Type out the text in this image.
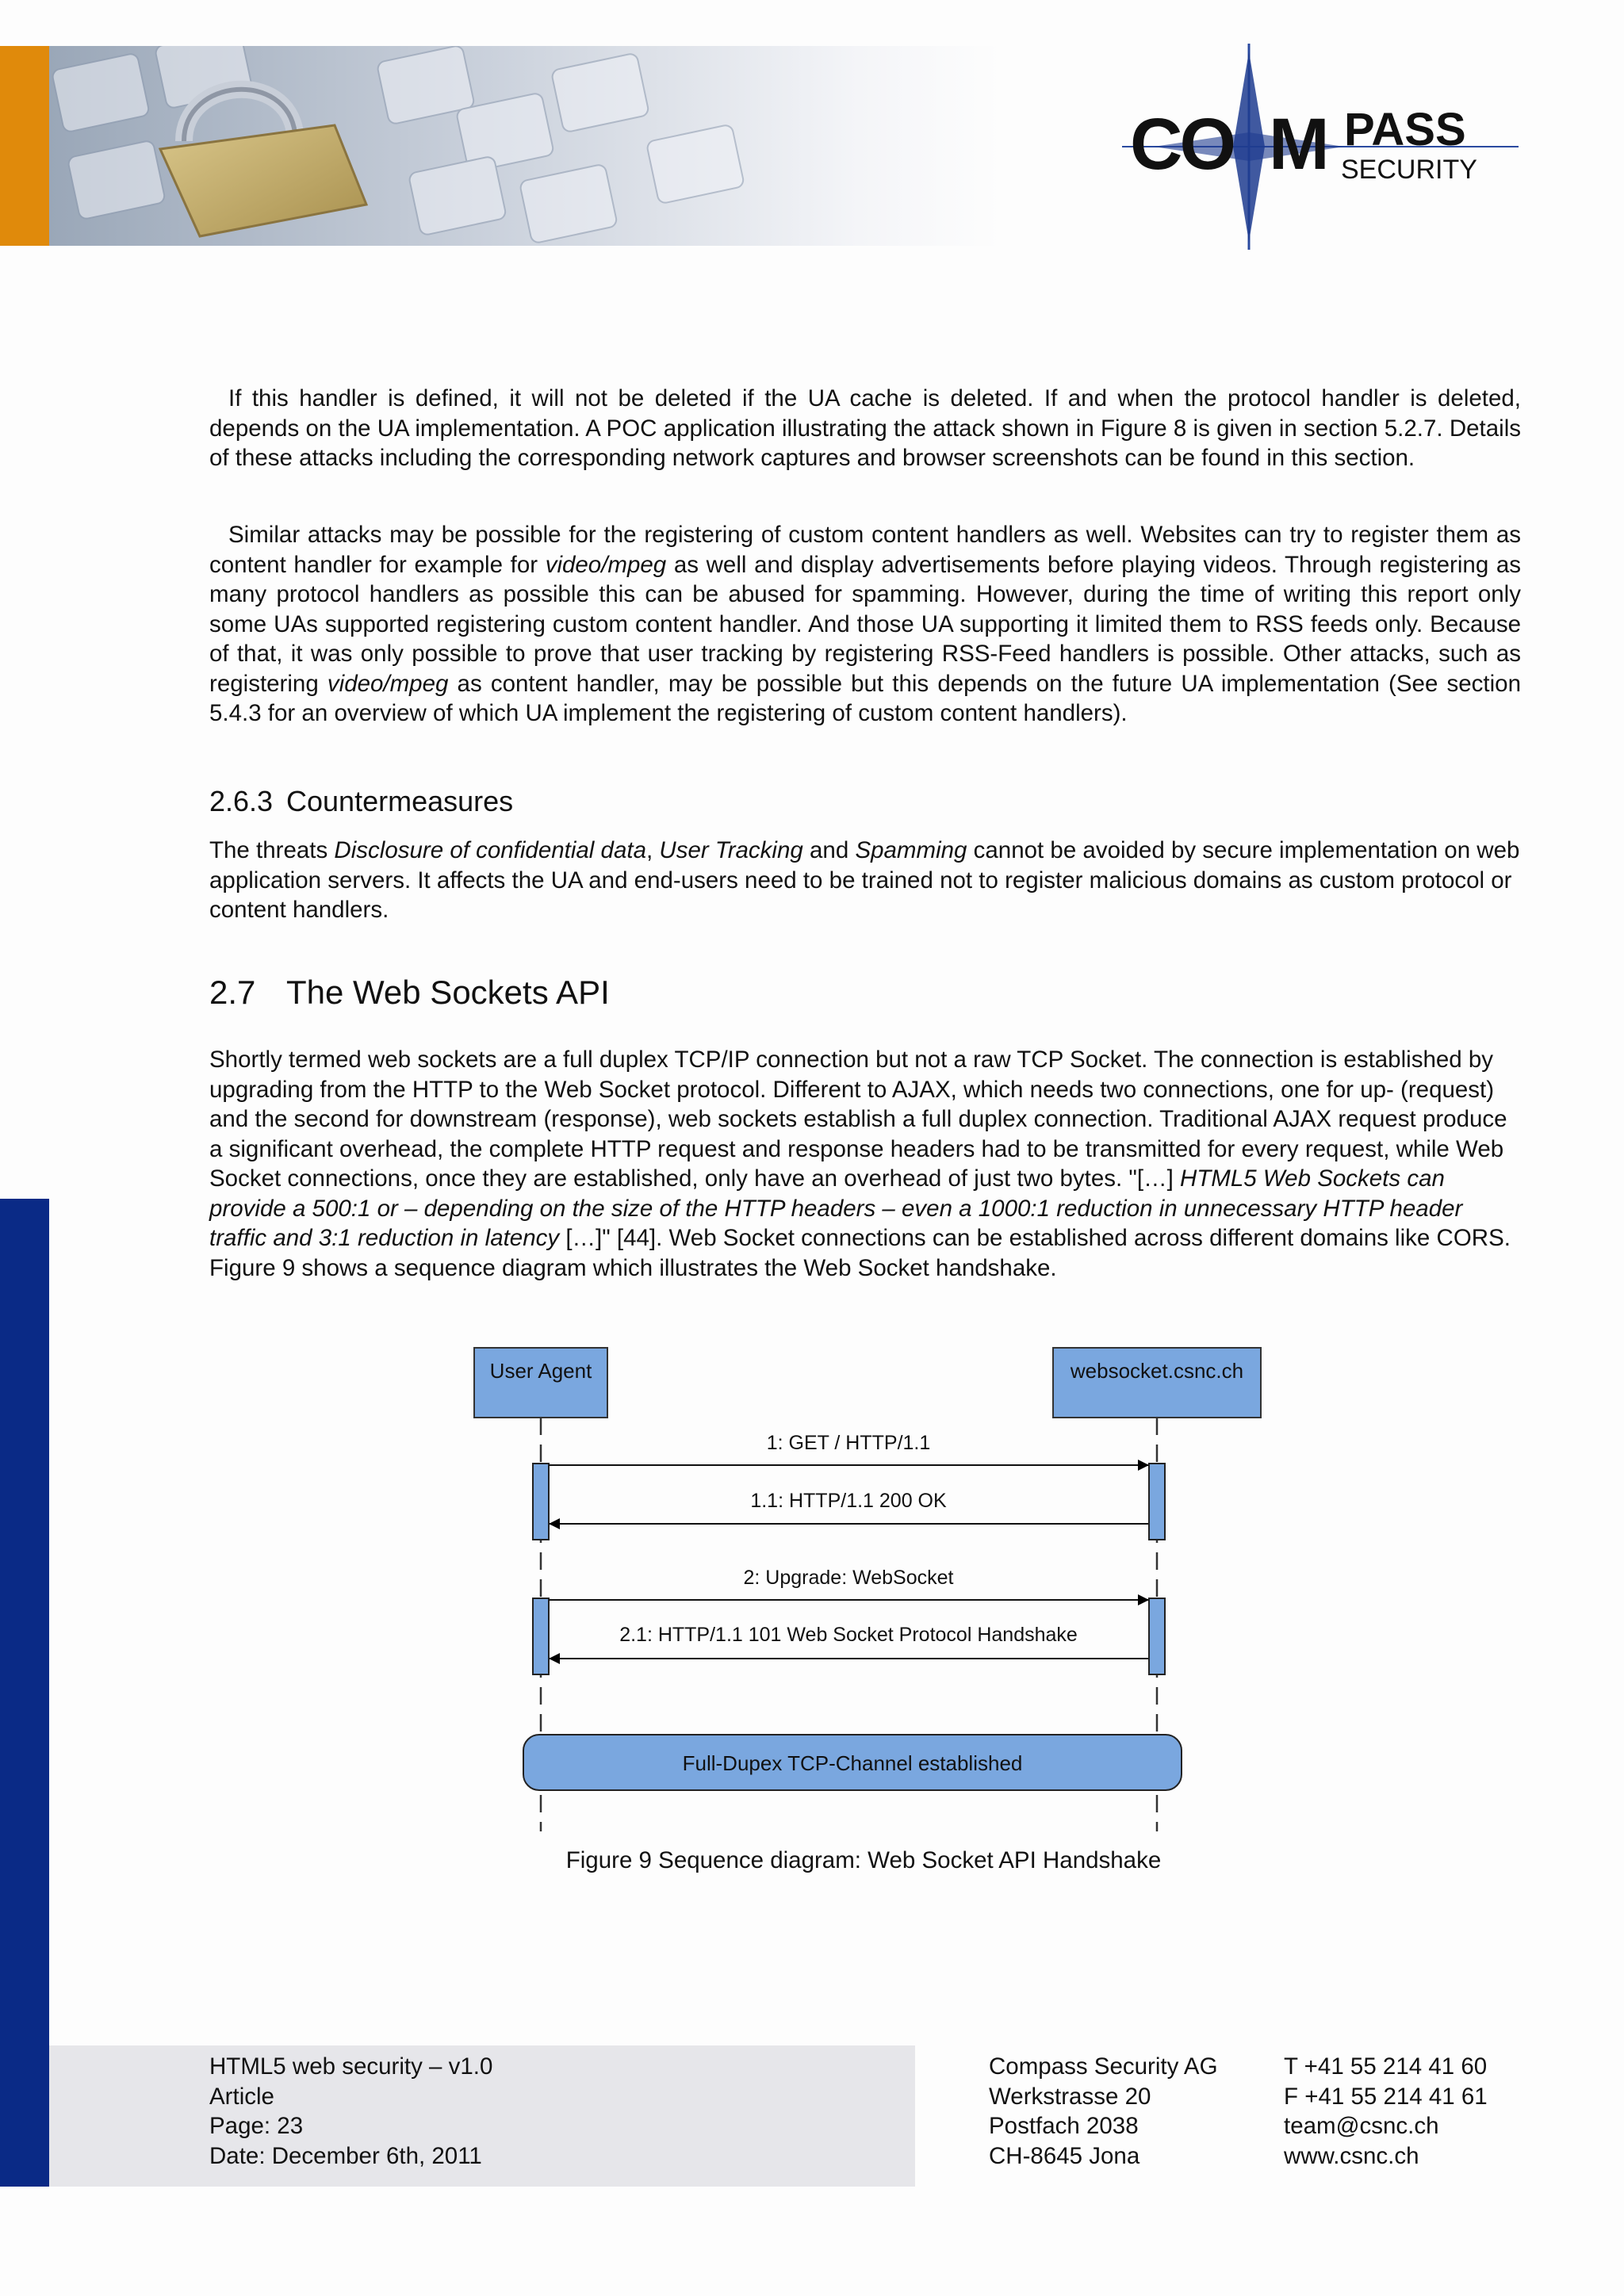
CO M PASS
SECURITY

If this handler is defined, it will not be deleted if the UA cache is deleted. If and when the protocol handler is deleted, depends on the UA implementation. A POC application illustrating the attack shown in Figure 8 is given in section 5.2.7. Details of these attacks including the corresponding network captures and browser screenshots can be found in this section.

Similar attacks may be possible for the registering of custom content handlers as well. Websites can try to register them as content handler for example for video/mpeg as well and display advertisements before playing videos. Through registering as many protocol handlers as possible this can be abused for spamming. However, during the time of writing this report only some UAs supported registering custom content handler. And those UA supporting it limited them to RSS feeds only. Because of that, it was only possible to prove that user tracking by registering RSS-Feed handlers is possible. Other attacks, such as registering video/mpeg as content handler, may be possible but this depends on the future UA implementation (See section 5.4.3 for an overview of which UA implement the registering of custom content handlers).

2.6.3 Countermeasures

The threats Disclosure of confidential data, User Tracking and Spamming cannot be avoided by secure implementation on web application servers. It affects the UA and end-users need to be trained not to register malicious domains as custom protocol or content handlers.

2.7 The Web Sockets API

Shortly termed web sockets are a full duplex TCP/IP connection but not a raw TCP Socket. The connection is established by upgrading from the HTTP to the Web Socket protocol. Different to AJAX, which needs two connections, one for up- (request) and the second for downstream (response), web sockets establish a full duplex connection. Traditional AJAX request produce a significant overhead, the complete HTTP request and response headers had to be transmitted for every request, while Web Socket connections, once they are established, only have an overhead of just two bytes. "[…] HTML5 Web Sockets can provide a 500:1 or – depending on the size of the HTTP headers – even a 1000:1 reduction in unnecessary HTTP header traffic and 3:1 reduction in latency […]" [44]. Web Socket connections can be established across different domains like CORS. Figure 9 shows a sequence diagram which illustrates the Web Socket handshake.

User Agent	websocket.csnc.ch
1: GET / HTTP/1.1
1.1: HTTP/1.1 200 OK
2: Upgrade: WebSocket
2.1: HTTP/1.1 101 Web Socket Protocol Handshake
Full-Dupex TCP-Channel established
Figure 9 Sequence diagram: Web Socket API Handshake
HTML5 web security – v1.0
Article
Page: 23
Date: December 6th, 2011
Compass Security AG
Werkstrasse 20
Postfach 2038
CH-8645 Jona
T +41 55 214 41 60
F +41 55 214 41 61
team@csnc.ch
www.csnc.ch
